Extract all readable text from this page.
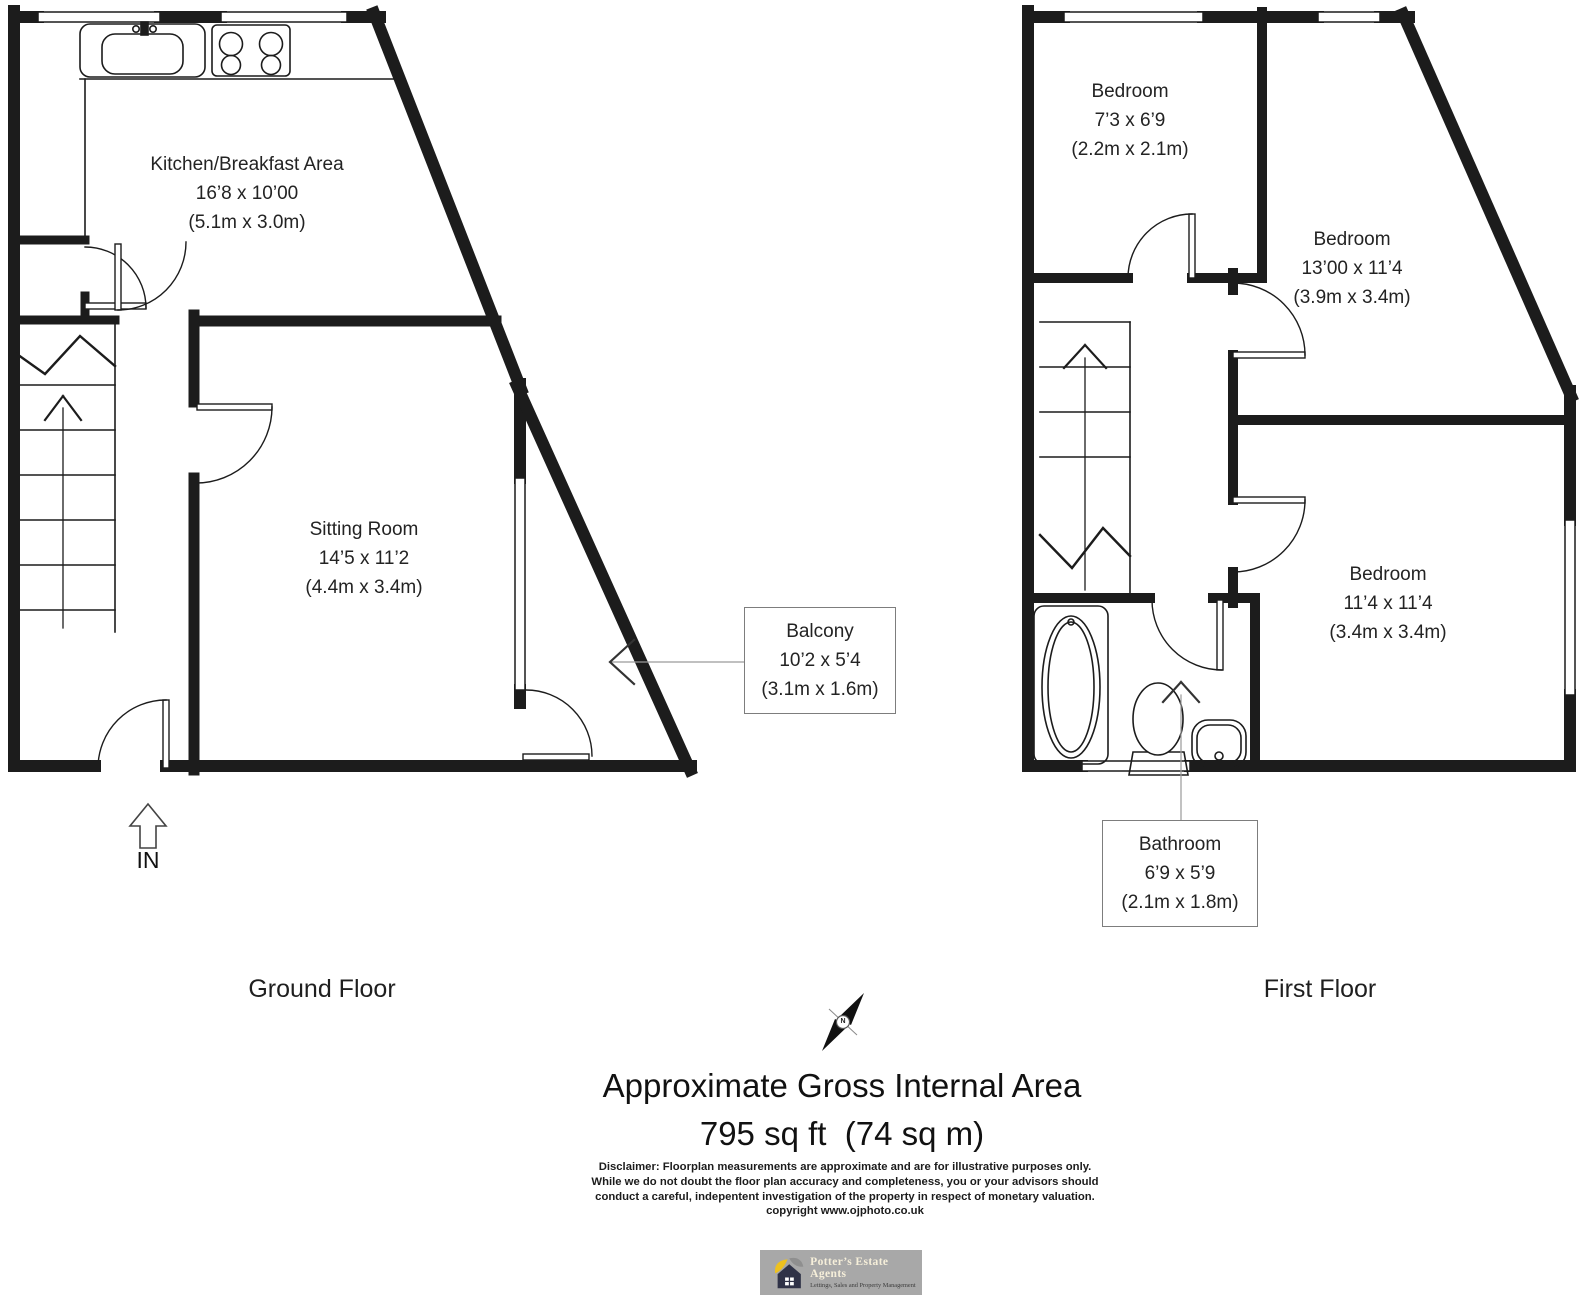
N
Kitchen/Breakfast Area
16’8 x 10’00
(5.1m x 3.0m)
Sitting Room
14’5 x 11’2
(4.4m x 3.4m)
Balcony
10’2 x 5’4
(3.1m x 1.6m)
IN
Bedroom
7’3 x 6’9
(2.2m x 2.1m)
Bedroom
13’00 x 11’4
(3.9m x 3.4m)
Bedroom
11’4 x 11’4
(3.4m x 3.4m)
Bathroom
6’9 x 5’9
(2.1m x 1.8m)
Ground Floor	First Floor
Approximate Gross Internal Area
795 sq ft  (74 sq m)
Disclaimer: Floorplan measurements are approximate and are for illustrative purposes only.
While we do not doubt the floor plan accuracy and completeness, you or your advisors should
conduct a careful, indepentent investigation of the property in respect of monetary valuation.
copyright www.ojphoto.co.uk
Potter’s Estate Agents
Lettings, Sales and Property Management
